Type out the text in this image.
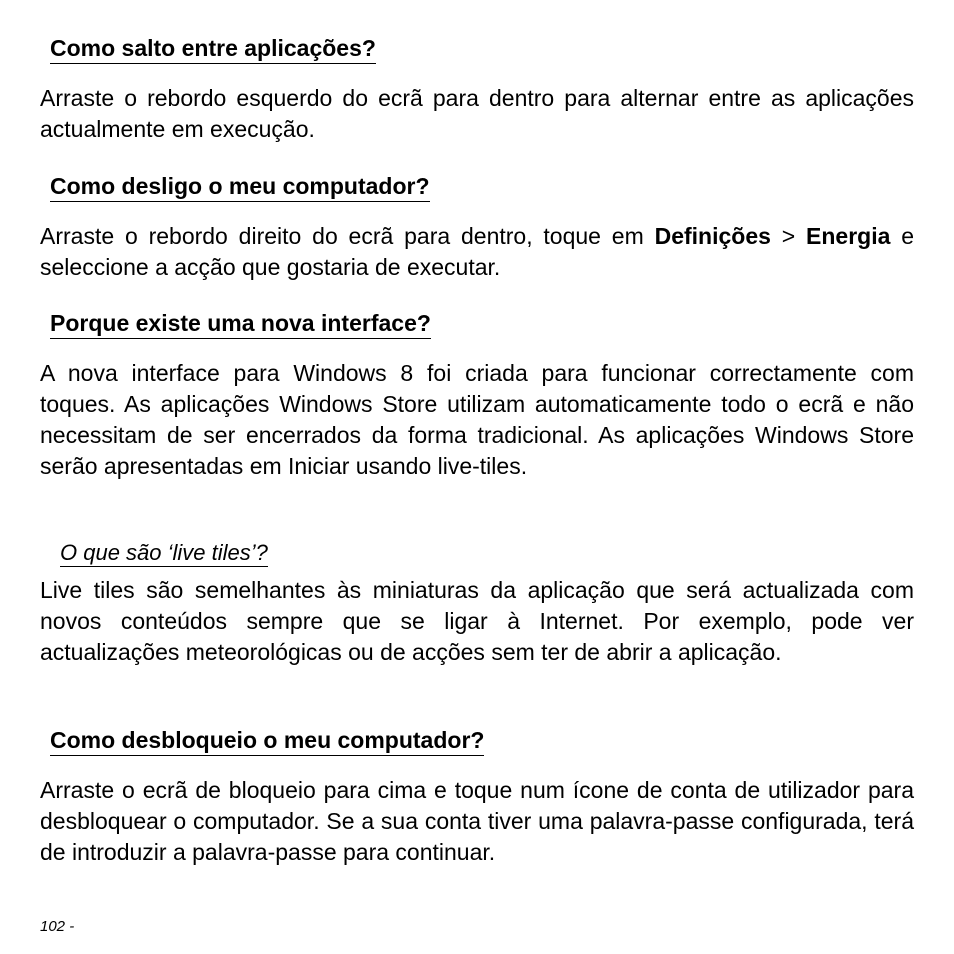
Como salto entre aplicações?

Arraste o rebordo esquerdo do ecrã para dentro para alternar entre as aplicações actualmente em execução.

Como desligo o meu computador?

Arraste o rebordo direito do ecrã para dentro, toque em Definições > Energia e seleccione a acção que gostaria de executar.

Porque existe uma nova interface?

A nova interface para Windows 8 foi criada para funcionar correctamente com toques. As aplicações Windows Store utilizam automaticamente todo o ecrã e não necessitam de ser encerrados da forma tradicional. As aplicações Windows Store serão apresentadas em Iniciar usando live-tiles.

O que são ‘live tiles’?

Live tiles são semelhantes às miniaturas da aplicação que será actualizada com novos conteúdos sempre que se ligar à Internet. Por exemplo, pode ver actualizações meteorológicas ou de acções sem ter de abrir a aplicação.

Como desbloqueio o meu computador?

Arraste o ecrã de bloqueio para cima e toque num ícone de conta de utilizador para desbloquear o computador. Se a sua conta tiver uma palavra-passe configurada, terá de introduzir a palavra-passe para continuar.

102 -
